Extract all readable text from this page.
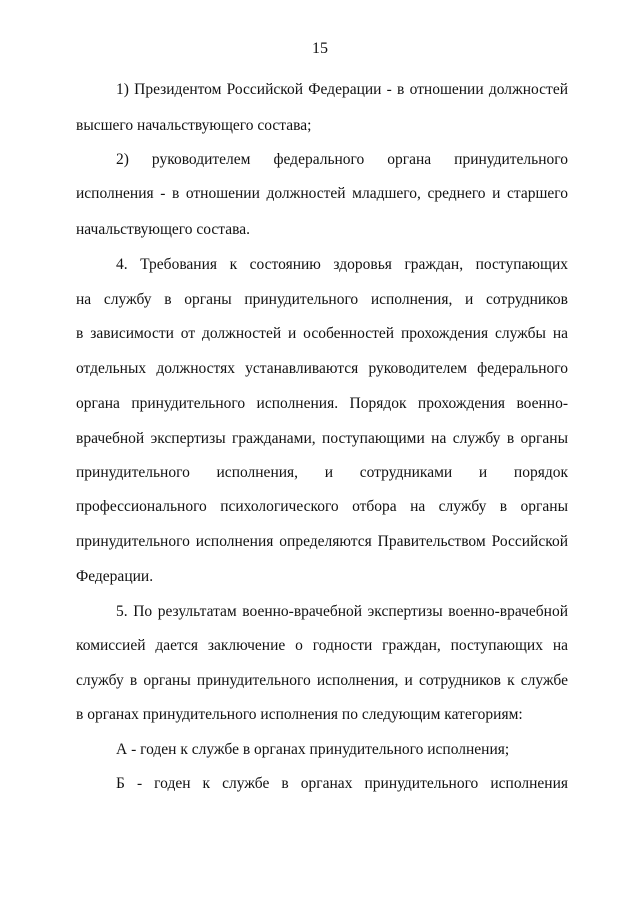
15
1) Президентом Российской Федерации - в отношении должностей
высшего начальствующего состава;
2) руководителем федерального органа принудительного
исполнения - в отношении должностей младшего, среднего и старшего
начальствующего состава.
4. Требования к состоянию здоровья граждан, поступающих
на службу в органы принудительного исполнения, и сотрудников
в зависимости от должностей и особенностей прохождения службы на
отдельных должностях устанавливаются руководителем федерального
органа принудительного исполнения. Порядок прохождения военно-
врачебной экспертизы гражданами, поступающими на службу в органы
принудительного исполнения, и сотрудниками и порядок
профессионального психологического отбора на службу в органы
принудительного исполнения определяются Правительством Российской
Федерации.
5. По результатам военно-врачебной экспертизы военно-врачебной
комиссией дается заключение о годности граждан, поступающих на
службу в органы принудительного исполнения, и сотрудников к службе
в органах принудительного исполнения по следующим категориям:
А - годен к службе в органах принудительного исполнения;
Б - годен к службе в органах принудительного исполнения
